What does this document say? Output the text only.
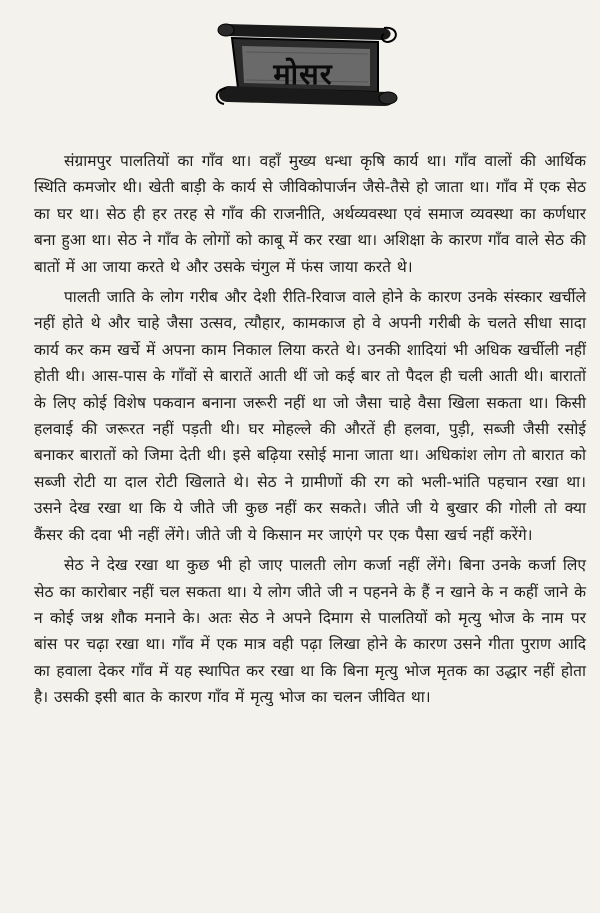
मोसर

संग्रामपुर पालतियों का गाँव था। वहाँ मुख्य धन्धा कृषि कार्य था। गाँव वालों की आर्थिक स्थिति कमजोर थी। खेती बाड़ी के कार्य से जीविकोपार्जन जैसे-तैसे हो जाता था। गाँव में एक सेठ का घर था। सेठ ही हर तरह से गाँव की राजनीति, अर्थव्यवस्था एवं समाज व्यवस्था का कर्णधार बना हुआ था। सेठ ने गाँव के लोगों को काबू में कर रखा था। अशिक्षा के कारण गाँव वाले सेठ की बातों में आ जाया करते थे और उसके चंगुल में फंस जाया करते थे।

पालती जाति के लोग गरीब और देशी रीति-रिवाज वाले होने के कारण उनके संस्कार खर्चीले नहीं होते थे और चाहे जैसा उत्सव, त्यौहार, कामकाज हो वे अपनी गरीबी के चलते सीधा सादा कार्य कर कम खर्चे में अपना काम निकाल लिया करते थे। उनकी शादियां भी अधिक खर्चीली नहीं होती थी। आस-पास के गाँवों से बारातें आती थीं जो कई बार तो पैदल ही चली आती थी। बारातों के लिए कोई विशेष पकवान बनाना जरूरी नहीं था जो जैसा चाहे वैसा खिला सकता था। किसी हलवाई की जरूरत नहीं पड़ती थी। घर मोहल्ले की औरतें ही हलवा, पुड़ी, सब्जी जैसी रसोई बनाकर बारातों को जिमा देती थी। इसे बढ़िया रसोई माना जाता था। अधिकांश लोग तो बारात को सब्जी रोटी या दाल रोटी खिलाते थे। सेठ ने ग्रामीणों की रग को भली-भांति पहचान रखा था। उसने देख रखा था कि ये जीते जी कुछ नहीं कर सकते। जीते जी ये बुखार की गोली तो क्या कैंसर की दवा भी नहीं लेंगे। जीते जी ये किसान मर जाएंगे पर एक पैसा खर्च नहीं करेंगे।

सेठ ने देख रखा था कुछ भी हो जाए पालती लोग कर्जा नहीं लेंगे। बिना उनके कर्जा लिए सेठ का कारोबार नहीं चल सकता था। ये लोग जीते जी न पहनने के हैं न खाने के न कहीं जाने के न कोई जश्न शौक मनाने के। अतः सेठ ने अपने दिमाग से पालतियों को मृत्यु भोज के नाम पर बांस पर चढ़ा रखा था। गाँव में एक मात्र वही पढ़ा लिखा होने के कारण उसने गीता पुराण आदि का हवाला देकर गाँव में यह स्थापित कर रखा था कि बिना मृत्यु भोज मृतक का उद्धार नहीं होता है। उसकी इसी बात के कारण गाँव में मृत्यु भोज का चलन जीवित था।
